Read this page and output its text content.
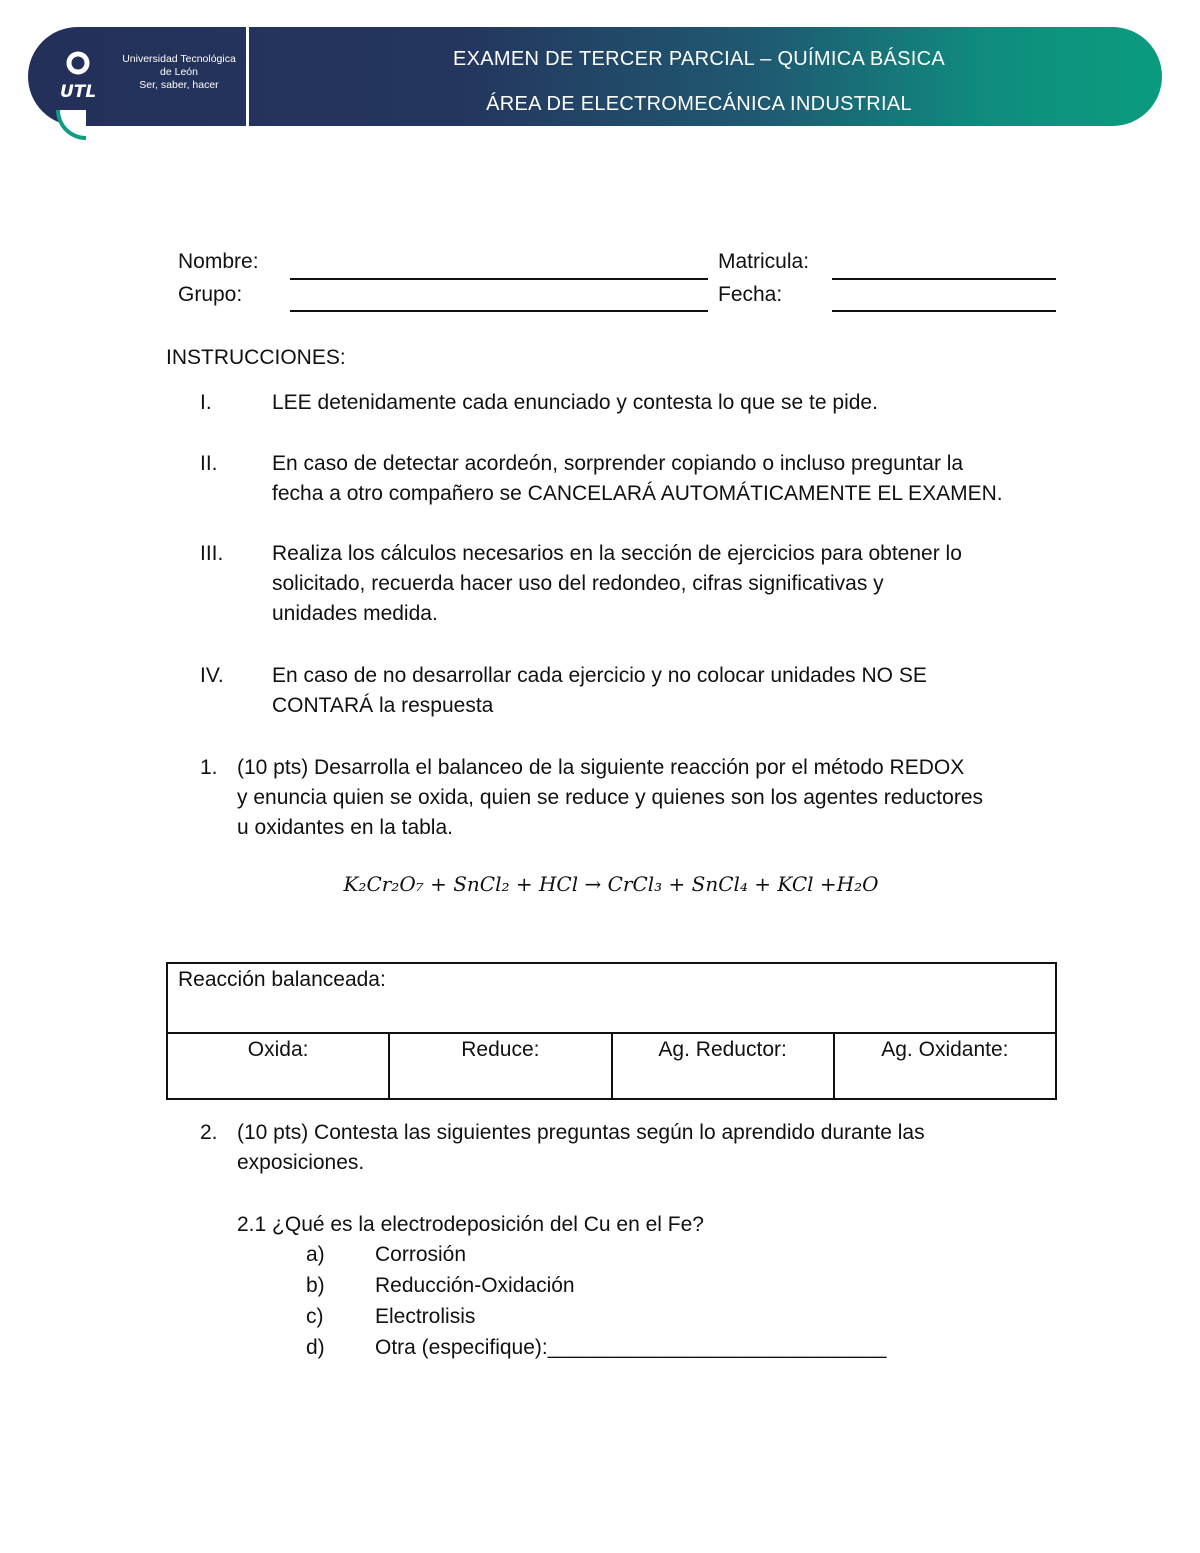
UTL
Universidad Tecnológica
de León
Ser, saber, hacer
EXAMEN DE TERCER PARCIAL – QUÍMICA BÁSICA
ÁREA DE ELECTROMECÁNICA INDUSTRIAL
Nombre:	Matricula:
Grupo:	Fecha:
INSTRUCCIONES:
I.	LEE detenidamente cada enunciado y contesta lo que se te pide.
II.	En caso de detectar acordeón, sorprender copiando o incluso preguntar la
fecha a otro compañero se CANCELARÁ AUTOMÁTICAMENTE EL EXAMEN.
III. Realiza los cálculos necesarios en la sección de ejercicios para obtener lo
solicitado, recuerda hacer uso del redondeo, cifras significativas y
unidades medida.
IV. En caso de no desarrollar cada ejercicio y no colocar unidades NO SE
CONTARÁ la respuesta
1. (10 pts) Desarrolla el balanceo de la siguiente reacción por el método REDOX
y enuncia quien se oxida, quien se reduce y quienes son los agentes reductores
u oxidantes en la tabla.
K₂Cr₂O₇ + SnCl₂ + HCl → CrCl₃ + SnCl₄ + KCl +H₂O
Reacción balanceada:
Oxida:	Reduce:	Ag. Reductor:	Ag. Oxidante:
2. (10 pts) Contesta las siguientes preguntas según lo aprendido durante las
exposiciones.
2.1 ¿Qué es la electrodeposición del Cu en el Fe?
a) Corrosión
b) Reducción-Oxidación
c) Electrolisis
d) Otra (especifique):_____________________________
